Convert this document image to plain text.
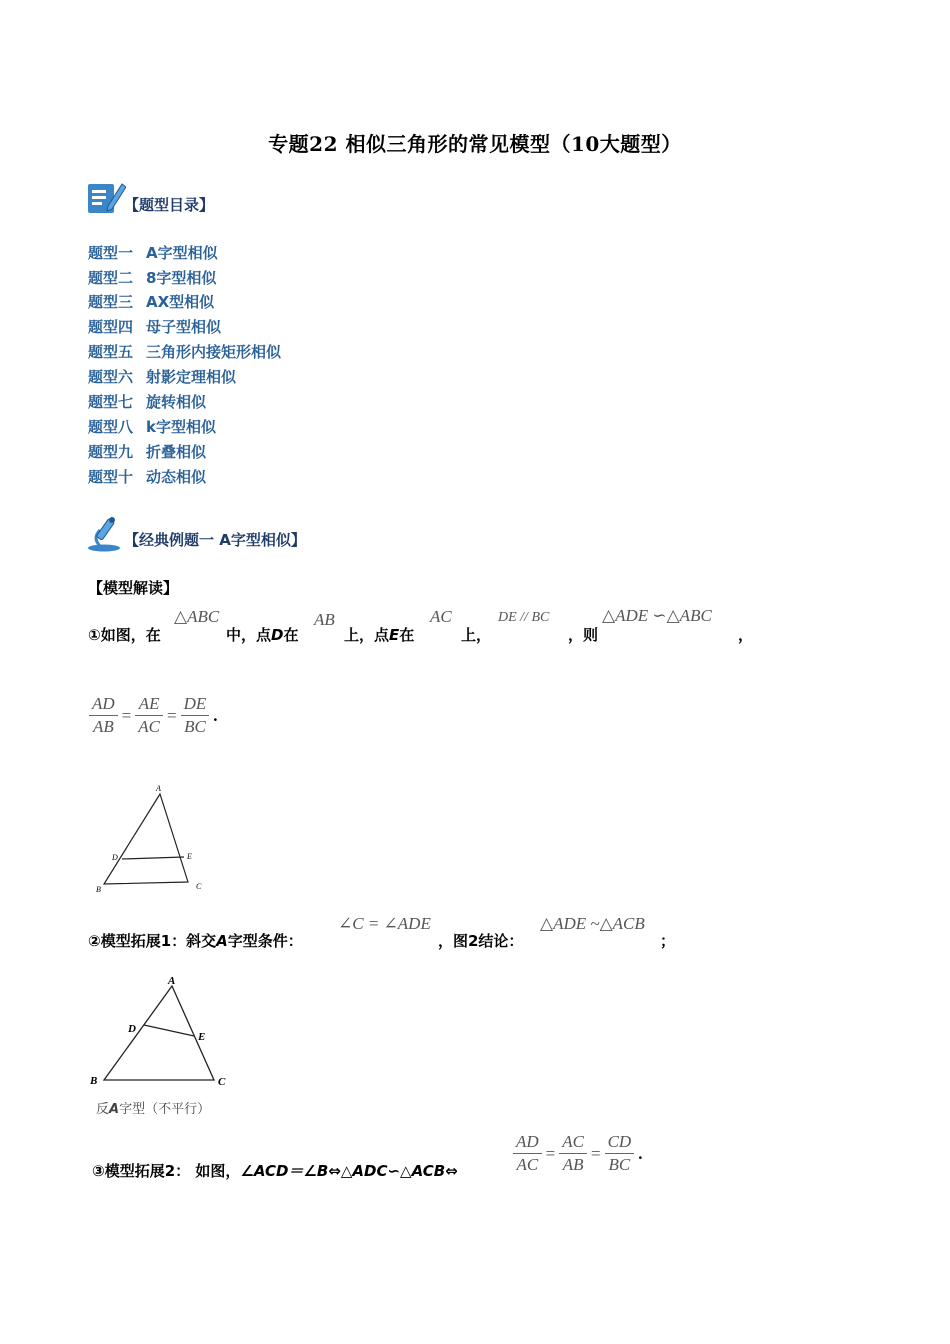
专题22 相似三角形的常见模型（10大题型）
【题型目录】
题型一 A字型相似
题型二 8字型相似
题型三 AX型相似
题型四 母子型相似
题型五 三角形内接矩形相似
题型六 射影定理相似
题型七 旋转相似
题型八 k字型相似
题型九 折叠相似
题型十 动态相似
【经典例题一 A字型相似】
【模型解读】
①如图，在
△ABC
中，点D在
AB
上，点E在
AC
上，
DE // BC
，则
△ADE ∽△ABC
，
$\frac{AD}{AB} = \frac{AE}{AC} = \frac{DE}{BC}$ .
A
B	C
D	E
②模型拓展1：斜交A字型条件：
∠C = ∠ADE
，图2结论：
△ADE ~△ACB
；
A
B	C
D
E
反A字型（不平行）
③模型拓展2： 如图，∠ACD＝∠B⇔△ADC∽△ACB⇔	$\frac{AD}{AC} = \frac{AC}{AB} = \frac{CD}{BC}$ .
